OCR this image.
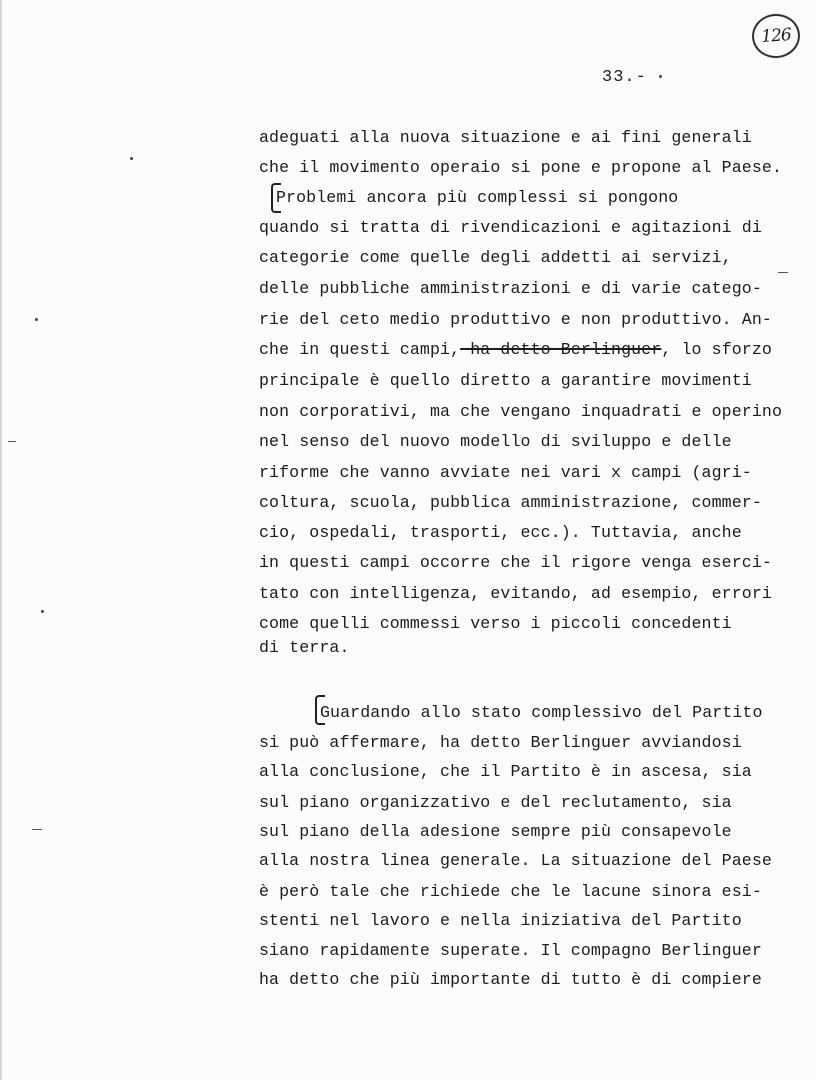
126
33.-
adeguati alla nuova situazione e ai fini generali
che il movimento operaio si pone e propone al Paese.
Problemi ancora più complessi si pongono
quando si tratta di rivendicazioni e agitazioni di
categorie come quelle degli addetti ai servizi,
delle pubbliche amministrazioni e di varie catego-
rie del ceto medio produttivo e non produttivo. An-
che in questi campi, ha detto Berlinguer, lo sforzo
principale è quello diretto a garantire movimenti
non corporativi, ma che vengano inquadrati e operino
nel senso del nuovo modello di sviluppo e delle
riforme che vanno avviate nei vari x campi (agri-
coltura, scuola, pubblica amministrazione, commer-
cio, ospedali, trasporti, ecc.). Tuttavia, anche
in questi campi occorre che il rigore venga eserci-
tato con intelligenza, evitando, ad esempio, errori
come quelli commessi verso i piccoli concedenti
di terra.
Guardando allo stato complessivo del Partito
si può affermare, ha detto Berlinguer avviandosi
alla conclusione, che il Partito è in ascesa, sia
sul piano organizzativo e del reclutamento, sia
sul piano della adesione sempre più consapevole
alla nostra linea generale. La situazione del Paese
è però tale che richiede che le lacune sinora esi-
stenti nel lavoro e nella iniziativa del Partito
siano rapidamente superate. Il compagno Berlinguer
ha detto che più importante di tutto è di compiere
